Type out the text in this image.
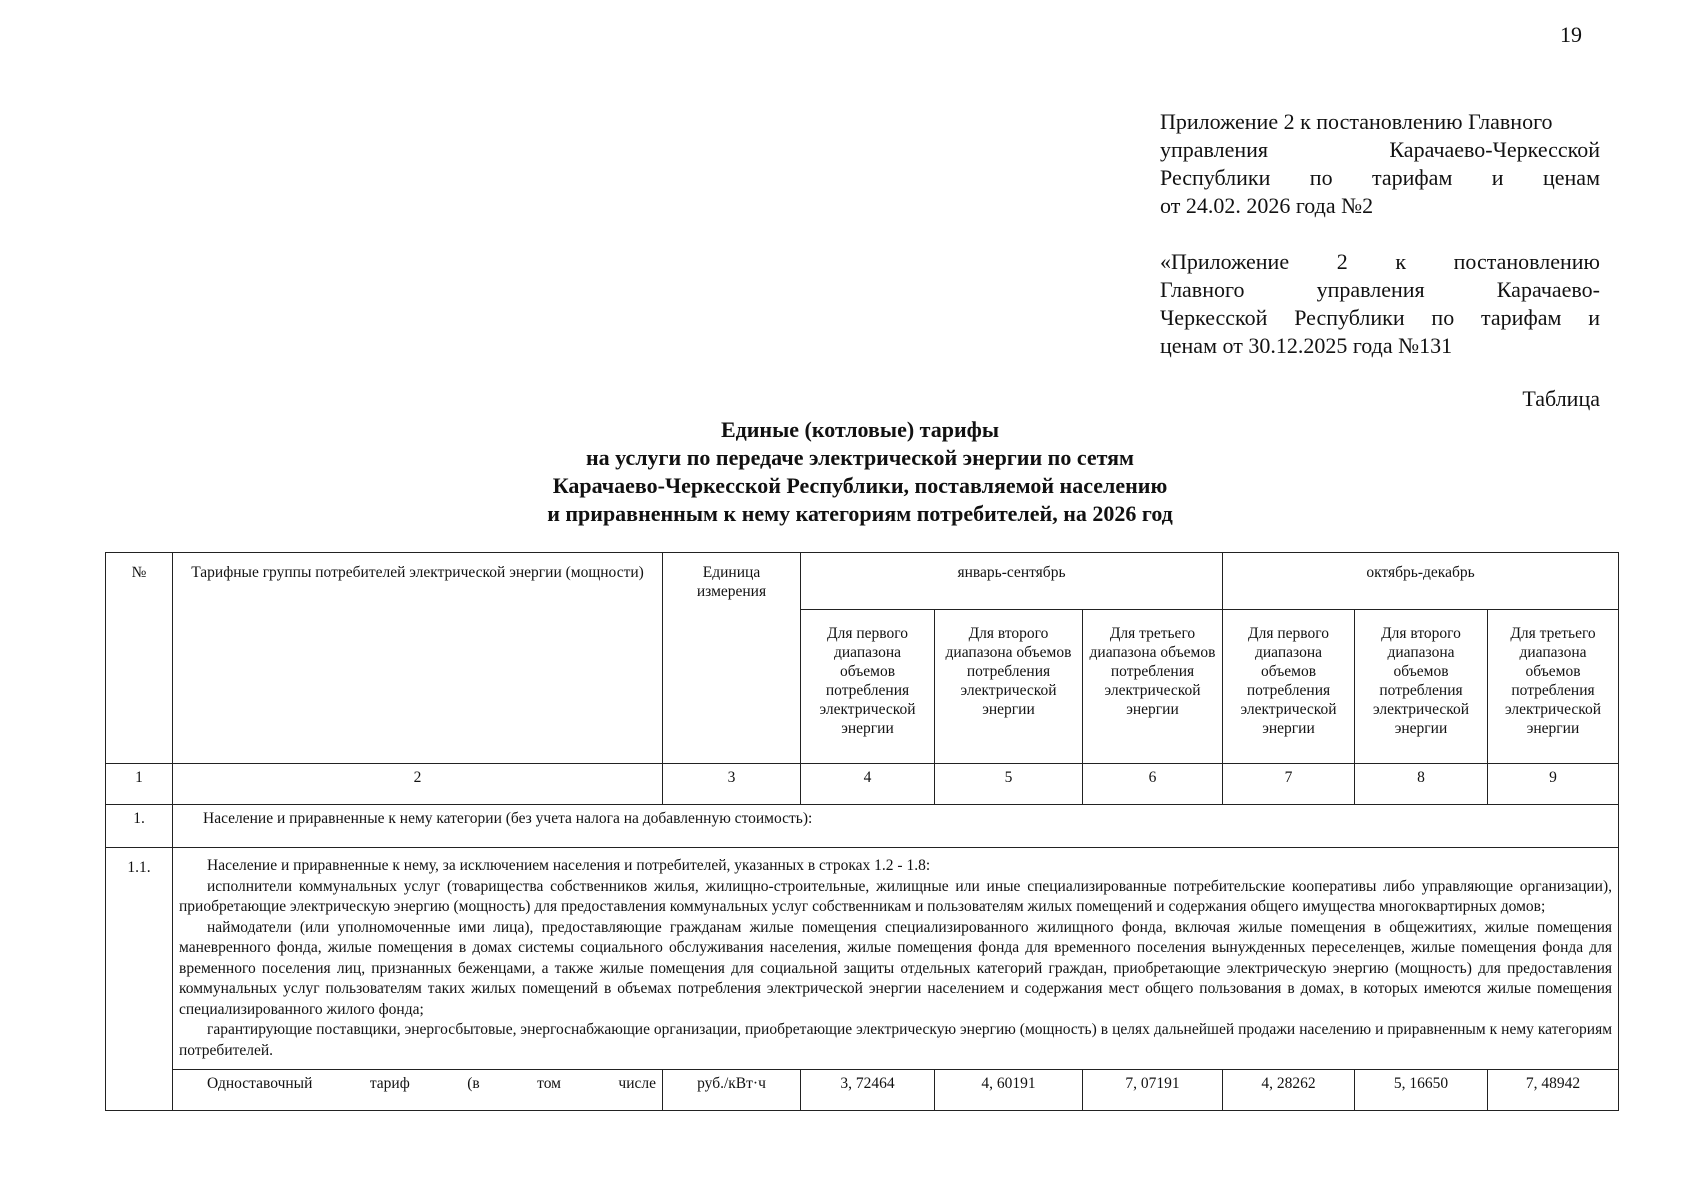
19
Приложение 2 к постановлению Главного
управления Карачаево-Черкесской
Республики по тарифам и ценам
от 24.02. 2026 года №2
«Приложение 2 к постановлению
Главного управления Карачаево-
Черкесской Республики по тарифам и
ценам от 30.12.2025 года №131
Таблица
Единые (котловые) тарифы
на услуги по передаче электрической энергии по сетям
Карачаево-Черкесской Республики, поставляемой населению
и приравненным к нему категориям потребителей, на 2026 год
№	Тарифные группы потребителей электрической энергии (мощности)	Единица измерения	январь-сентябрь			октябрь-декабрь		
			Для первого диапазона объемов потребления электрической энергии	Для второго диапазона объемов потребления электрической энергии	Для третьего диапазона объемов потребления электрической энергии	Для первого диапазона объемов потребления электрической энергии	Для второго диапазона объемов потребления электрической энергии	Для третьего диапазона объемов потребления электрической энергии
1	2	3	4	5	6	7	8	9
1.	Население и приравненные к нему категории (без учета налога на добавленную стоимость):							
1.1.	Население и приравненные к нему, за исключением населения и потребителей, указанных в строках 1.2 - 1.8:

исполнители коммунальных услуг (товарищества собственников жилья, жилищно-строительные, жилищные или иные специализированные потребительские кооперативы либо управляющие организации), приобретающие электрическую энергию (мощность) для предоставления коммунальных услуг собственникам и пользователям жилых помещений и содержания общего имущества многоквартирных домов;

наймодатели (или уполномоченные ими лица), предоставляющие гражданам жилые помещения специализированного жилищного фонда, включая жилые помещения в общежитиях, жилые помещения маневренного фонда, жилые помещения в домах системы социального обслуживания населения, жилые помещения фонда для временного поселения вынужденных переселенцев, жилые помещения фонда для временного поселения лиц, признанных беженцами, а также жилые помещения для социальной защиты отдельных категорий граждан, приобретающие электрическую энергию (мощность) для предоставления коммунальных услуг пользователям таких жилых помещений в объемах потребления электрической энергии населением и содержания мест общего пользования в домах, в которых имеются жилые помещения специализированного жилого фонда;

гарантирующие поставщики, энергосбытовые, энергоснабжающие организации, приобретающие электрическую энергию (мощность) в целях дальнейшей продажи населению и приравненным к нему категориям потребителей.							

	Одноставочный тариф (в том числе	руб./кВт·ч	3, 72464	4, 60191	7, 07191	4, 28262	5, 16650	7, 48942
